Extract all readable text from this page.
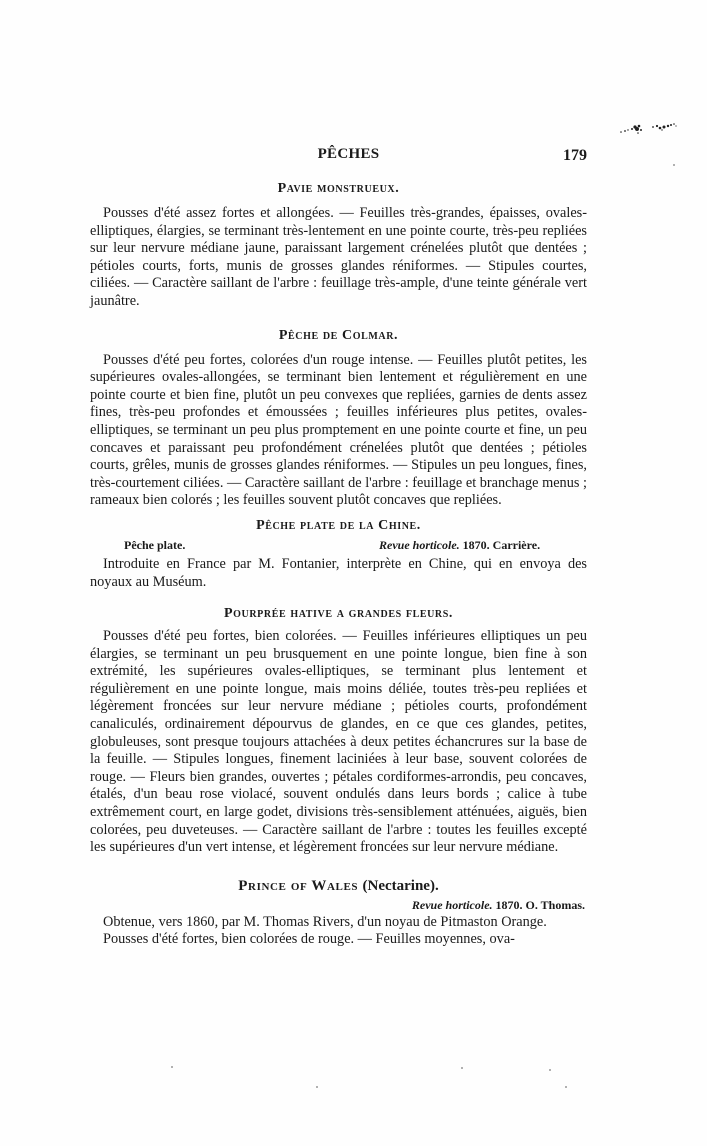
PÊCHES	179
Pavie monstrueux.

Pousses d'été assez fortes et allongées. — Feuilles très-grandes, épaisses, ovales-elliptiques, élargies, se terminant très-lentement en une pointe courte, très-peu repliées sur leur nervure médiane jaune, paraissant largement crénelées plutôt que dentées ; pétioles courts, forts, munis de grosses glandes réniformes. — Stipules courtes, ciliées. — Caractère saillant de l'arbre : feuillage très-ample, d'une teinte générale vert jaunâtre.

Pêche de Colmar.

Pousses d'été peu fortes, colorées d'un rouge intense. — Feuilles plutôt petites, les supérieures ovales-allongées, se terminant bien lentement et régulièrement en une pointe courte et bien fine, plutôt un peu convexes que repliées, garnies de dents assez fines, très-peu profondes et émoussées ; feuilles inférieures plus petites, ovales-elliptiques, se terminant un peu plus promptement en une pointe courte et fine, un peu concaves et paraissant peu profondément crénelées plutôt que dentées ; pétioles courts, grêles, munis de grosses glandes réniformes. — Stipules un peu longues, fines, très-courtement ciliées. — Caractère saillant de l'arbre : feuillage et branchage menus ; rameaux bien colorés ; les feuilles souvent plutôt concaves que repliées.

Pêche plate de la Chine.
Pêche plate.	Revue horticole. 1870. Carrière.

Introduite en France par M. Fontanier, interprète en Chine, qui en envoya des noyaux au Muséum.

Pourprée hative a grandes fleurs.

Pousses d'été peu fortes, bien colorées. — Feuilles inférieures elliptiques un peu élargies, se terminant un peu brusquement en une pointe longue, bien fine à son extrémité, les supérieures ovales-elliptiques, se terminant plus lentement et régulièrement en une pointe longue, mais moins déliée, toutes très-peu repliées et légèrement froncées sur leur nervure médiane ; pétioles courts, profondément canaliculés, ordinairement dépourvus de glandes, en ce que ces glandes, petites, globuleuses, sont presque toujours attachées à deux petites échancrures sur la base de la feuille. — Stipules longues, finement laciniées à leur base, souvent colorées de rouge. — Fleurs bien grandes, ouvertes ; pétales cordiformes-arrondis, peu concaves, étalés, d'un beau rose violacé, souvent ondulés dans leurs bords ; calice à tube extrêmement court, en large godet, divisions très-sensiblement atténuées, aiguës, bien colorées, peu duveteuses. — Caractère saillant de l'arbre : toutes les feuilles excepté les supérieures d'un vert intense, et légèrement froncées sur leur nervure médiane.

Prince of Wales (Nectarine).
Revue horticole. 1870. O. Thomas.

Obtenue, vers 1860, par M. Thomas Rivers, d'un noyau de Pitmaston Orange.

Pousses d'été fortes, bien colorées de rouge. — Feuilles moyennes, ova-
